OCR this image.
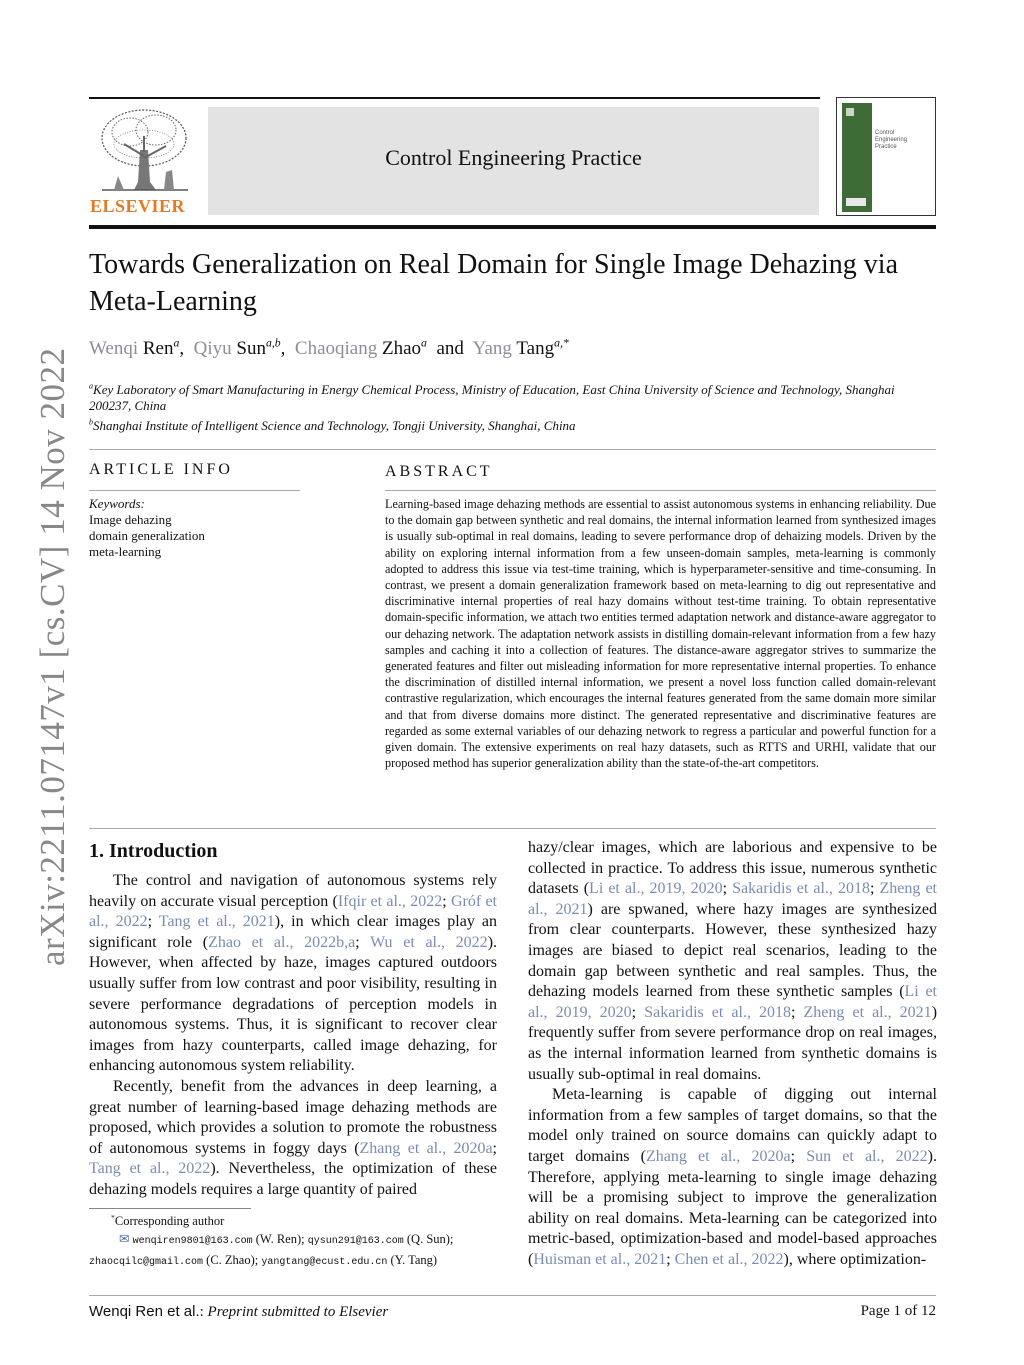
ELSEVIER
Control Engineering Practice
Control
Engineering
Practice
arXiv:2211.07147v1 [cs.CV] 14 Nov 2022
Towards Generalization on Real Domain for Single Image Dehazing via Meta-Learning
Wenqi Ren$^a$, Qiyu Sun$^{a,b}$, Chaoqiang Zhao$^a$ and Yang Tang$^{a,*}$
$^a$Key Laboratory of Smart Manufacturing in Energy Chemical Process, Ministry of Education, East China University of Science and Technology, Shanghai 200237, China
$^b$Shanghai Institute of Intelligent Science and Technology, Tongji University, Shanghai, China
ARTICLE INFO
Keywords:
Image dehazing
domain generalization
meta-learning
ABSTRACT
Learning-based image dehazing methods are essential to assist autonomous systems in enhancing reliability. Due to the domain gap between synthetic and real domains, the internal information learned from synthesized images is usually sub-optimal in real domains, leading to severe performance drop of dehaizing models. Driven by the ability on exploring internal information from a few unseen-domain samples, meta-learning is commonly adopted to address this issue via test-time training, which is hyperparameter-sensitive and time-consuming. In contrast, we present a domain generalization framework based on meta-learning to dig out representative and discriminative internal properties of real hazy domains without test-time training. To obtain representative domain-specific information, we attach two entities termed adaptation network and distance-aware aggregator to our dehazing network. The adaptation network assists in distilling domain-relevant information from a few hazy samples and caching it into a collection of features. The distance-aware aggregator strives to summarize the generated features and filter out misleading information for more representative internal properties. To enhance the discrimination of distilled internal information, we present a novel loss function called domain-relevant contrastive regularization, which encourages the internal features generated from the same domain more similar and that from diverse domains more distinct. The generated representative and discriminative features are regarded as some external variables of our dehazing network to regress a particular and powerful function for a given domain. The extensive experiments on real hazy datasets, such as RTTS and URHI, validate that our proposed method has superior generalization ability than the state-of-the-art competitors.
1. Introduction

The control and navigation of autonomous systems rely heavily on accurate visual perception (Ifqir et al., 2022; Gróf et al., 2022; Tang et al., 2021), in which clear images play an significant role (Zhao et al., 2022b,a; Wu et al., 2022). However, when affected by haze, images captured outdoors usually suffer from low contrast and poor visibility, resulting in severe performance degradations of perception models in autonomous systems. Thus, it is significant to recover clear images from hazy counterparts, called image dehazing, for enhancing autonomous system reliability.

Recently, benefit from the advances in deep learning, a great number of learning-based image dehazing methods are proposed, which provides a solution to promote the robustness of autonomous systems in foggy days (Zhang et al., 2020a; Tang et al., 2022). Nevertheless, the optimization of these dehazing models requires a large quantity of paired

hazy/clear images, which are laborious and expensive to be collected in practice. To address this issue, numerous synthetic datasets (Li et al., 2019, 2020; Sakaridis et al., 2018; Zheng et al., 2021) are spwaned, where hazy images are synthesized from clear counterparts. However, these synthesized hazy images are biased to depict real scenarios, leading to the domain gap between synthetic and real samples. Thus, the dehazing models learned from these synthetic samples (Li et al., 2019, 2020; Sakaridis et al., 2018; Zheng et al., 2021) frequently suffer from severe performance drop on real images, as the internal information learned from synthetic domains is usually sub-optimal in real domains.

Meta-learning is capable of digging out internal information from a few samples of target domains, so that the model only trained on source domains can quickly adapt to target domains (Zhang et al., 2020a; Sun et al., 2022). Therefore, applying meta-learning to single image dehazing will be a promising subject to improve the generalization ability on real domains. Meta-learning can be categorized into metric-based, optimization-based and model-based approaches (Huisman et al., 2021; Chen et al., 2022), where optimization-

*Corresponding author
✉ wenqiren9801@163.com (W. Ren); qysun291@163.com (Q. Sun);
zhaocqilc@gmail.com (C. Zhao); yangtang@ecust.edu.cn (Y. Tang)
Wenqi Ren et al.: Preprint submitted to Elsevier	Page 1 of 12
